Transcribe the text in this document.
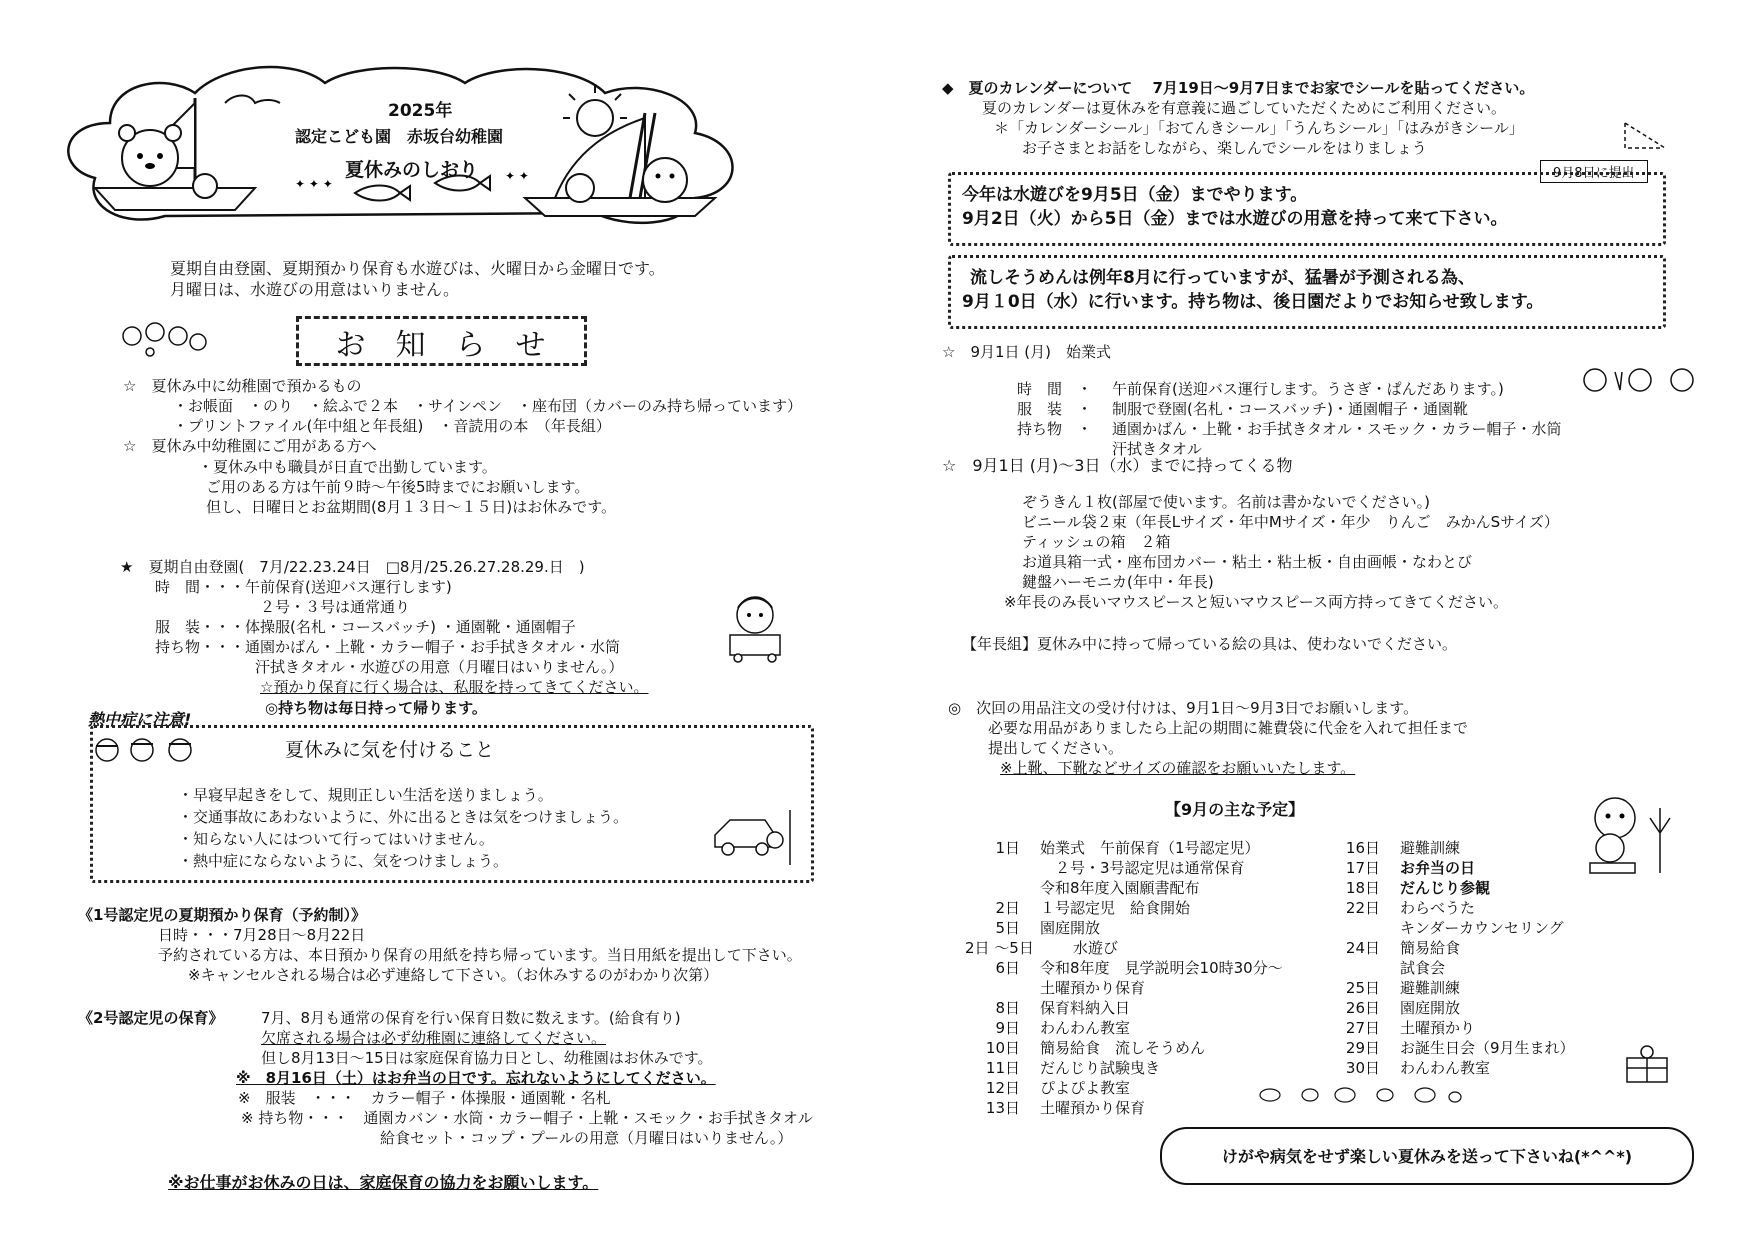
✦ ✦ ✦
✦ ✦
2025年
認定こども園　赤坂台幼稚園
夏休みのしおり
夏期自由登園、夏期預かり保育も水遊びは、火曜日から金曜日です。
月曜日は、水遊びの用意はいりません。
お　知　ら　せ
☆　夏休み中に幼稚園で預かるもの
・お帳面　・のり　・絵ふで２本　・サインペン　・座布団（カバーのみ持ち帰っています）
・プリントファイル(年中組と年長組)　・音読用の本　（年長組）
☆　夏休み中幼稚園にご用がある方へ
・夏休み中も職員が日直で出勤しています。
ご用のある方は午前９時～午後5時までにお願いします。
但し、日曜日とお盆期間(8月１３日～１５日)はお休みです。
★　夏期自由登園(　7月/22.23.24日　□8月/25.26.27.28.29.日　)
時　間・・・午前保育(送迎バス運行します)
２号・３号は通常通り
服　装・・・体操服(名札・コースバッチ) ・通園靴・通園帽子
持ち物・・・通園かばん・上靴・カラー帽子・お手拭きタオル・水筒
汗拭きタオル・水遊びの用意（月曜日はいりません。）
☆預かり保育に行く場合は、私服を持ってきてください。
◎持ち物は毎日持って帰ります。
熱中症に注意!
夏休みに気を付けること
・早寝早起きをして、規則正しい生活を送りましょう。
・交通事故にあわないように、外に出るときは気をつけましょう。
・知らない人にはついて行ってはいけません。
・熱中症にならないように、気をつけましょう。
《1号認定児の夏期預かり保育（予約制）》
日時・・・7月28日～8月22日
予約されている方は、本日預かり保育の用紙を持ち帰っています。当日用紙を提出して下さい。
※キャンセルされる場合は必ず連絡して下さい。（お休みするのがわかり次第）
《2号認定児の保育》	7月、8月も通常の保育を行い保育日数に数えます。(給食有り)
欠席される場合は必ず幼稚園に連絡してください。
但し8月13日～15日は家庭保育協力日とし、幼稚園はお休みです。
※　8月16日（土）はお弁当の日です。忘れないようにしてください。
※　服装　・・・　カラー帽子・体操服・通園靴・名札
※ 持ち物・・・　通園カバン・水筒・カラー帽子・上靴・スモック・お手拭きタオル
給食セット・コップ・プールの用意（月曜日はいりません。）
※お仕事がお休みの日は、家庭保育の協力をお願いします。
◆　夏のカレンダーについて　 7月19日～9月7日までお家でシールを貼ってください。
夏のカレンダーは夏休みを有意義に過ごしていただくためにご利用ください。
＊「カレンダーシール」「おてんきシール」「うんちシール」「はみがきシール」
お子さまとお話をしながら、楽しんでシールをはりましょう
9月8日に提出
今年は水遊びを9月5日（金）までやります。
9月2日（火）から5日（金）までは水遊びの用意を持って来て下さい。
流しそうめんは例年8月に行っていますが、猛暑が予測される為、
9月１0日（水）に行います。持ち物は、後日園だよりでお知らせ致します。
☆　9月1日 (月)　始業式
時　間　・ 午前保育(送迎バス運行します。うさぎ・ぱんだあります。)
服　装　・ 制服で登園(名札・コースバッチ)・通園帽子・通園靴
持ち物　・ 通園かばん・上靴・お手拭きタオル・スモック・カラー帽子・水筒
汗拭きタオル
☆　9月1日 (月)～3日（水）までに持ってくる物
ぞうきん１枚(部屋で使います。名前は書かないでください。)
ビニール袋２束（年長Lサイズ・年中Mサイズ・年少　りんご　みかんSサイズ）
ティッシュの箱　２箱
お道具箱一式・座布団カバー・粘土・粘土板・自由画帳・なわとび
鍵盤ハーモニカ(年中・年長)
※年長のみ長いマウスピースと短いマウスピース両方持ってきてください。
【年長組】夏休み中に持って帰っている絵の具は、使わないでください。
◎　次回の用品注文の受け付けは、9月1日～9月3日でお願いします。
必要な用品がありましたら上記の期間に雑費袋に代金を入れて担任まで
提出してください。
※上靴、下靴などサイズの確認をお願いいたします。
【9月の主な予定】
1日 始業式　午前保育（1号認定児）
　２号・3号認定児は通常保育
令和8年度入園願書配布
2日 １号認定児　給食開始
5日 園庭開放
2日 ～5日	　水遊び
6日 令和8年度　見学説明会10時30分～
土曜預かり保育
8日 保育料納入日
9日 わんわん教室
10日 簡易給食　流しそうめん
11日 だんじり試験曳き
12日 ぴよぴよ教室
13日 土曜預かり保育
16日 避難訓練
17日 お弁当の日
18日 だんじり参観
22日 わらべうた
キンダーカウンセリング
24日 簡易給食
試食会
25日 避難訓練
26日 園庭開放
27日 土曜預かり
29日 お誕生日会（9月生まれ）
30日 わんわん教室
けがや病気をせず楽しい夏休みを送って下さいね(*^^*)
